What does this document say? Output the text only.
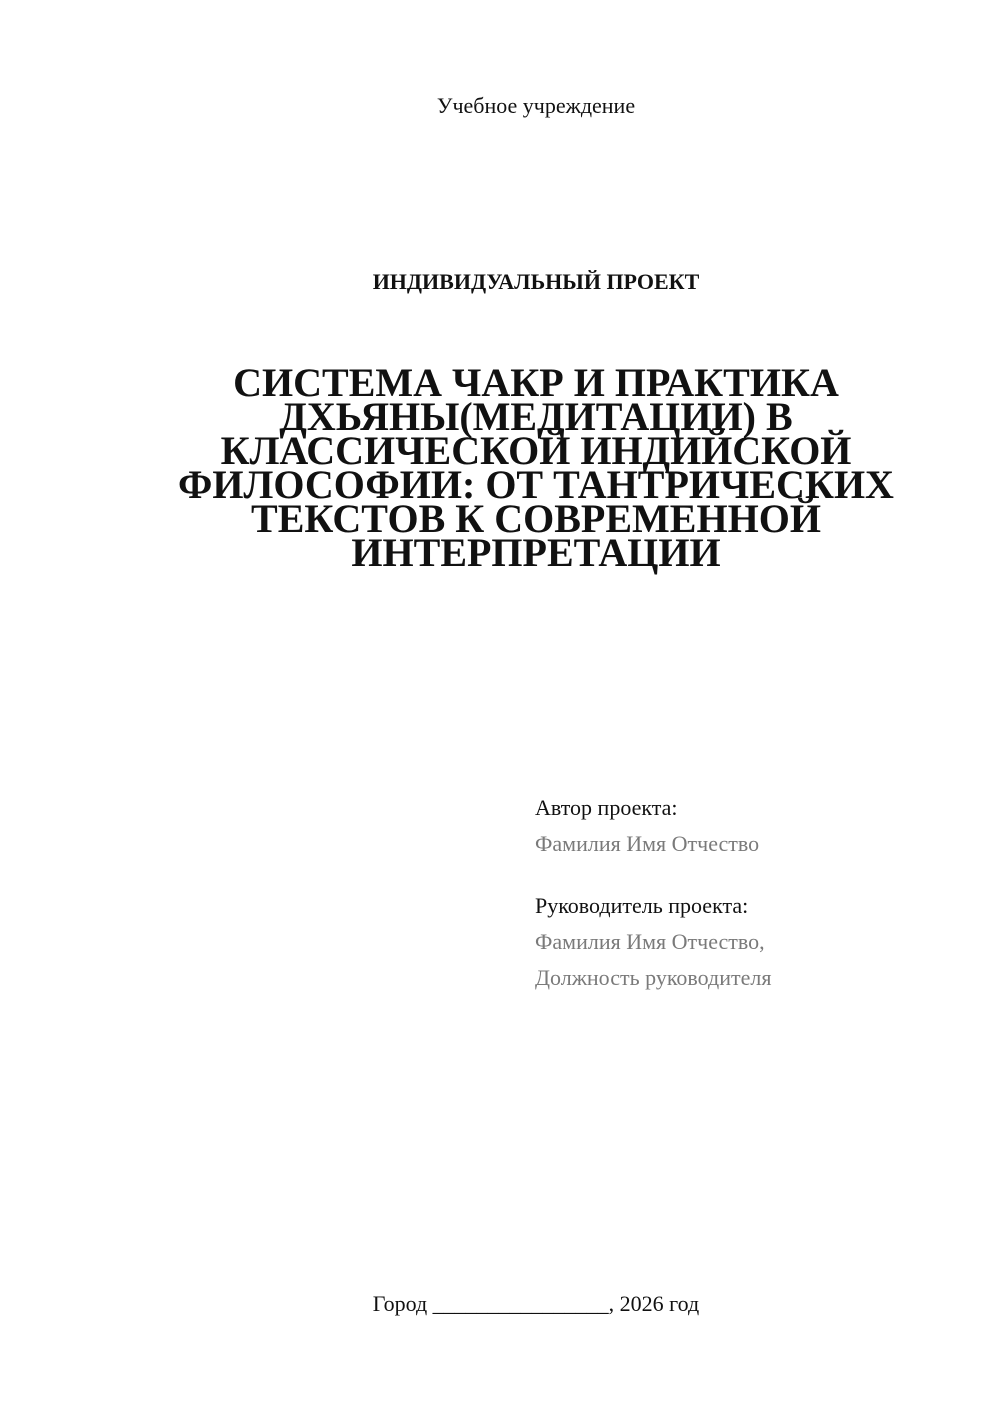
Учебное учреждение
ИНДИВИДУАЛЬНЫЙ ПРОЕКТ
СИСТЕМА ЧАКР И ПРАКТИКА
ДХЬЯНЫ(МЕДИТАЦИИ) В
КЛАССИЧЕСКОЙ ИНДИЙСКОЙ
ФИЛОСОФИИ: ОТ ТАНТРИЧЕСКИХ
ТЕКСТОВ К СОВРЕМЕННОЙ
ИНТЕРПРЕТАЦИИ
Автор проекта:
Фамилия Имя Отчество
Руководитель проекта:
Фамилия Имя Отчество,
Должность руководителя
Город ________________, 2026 год
